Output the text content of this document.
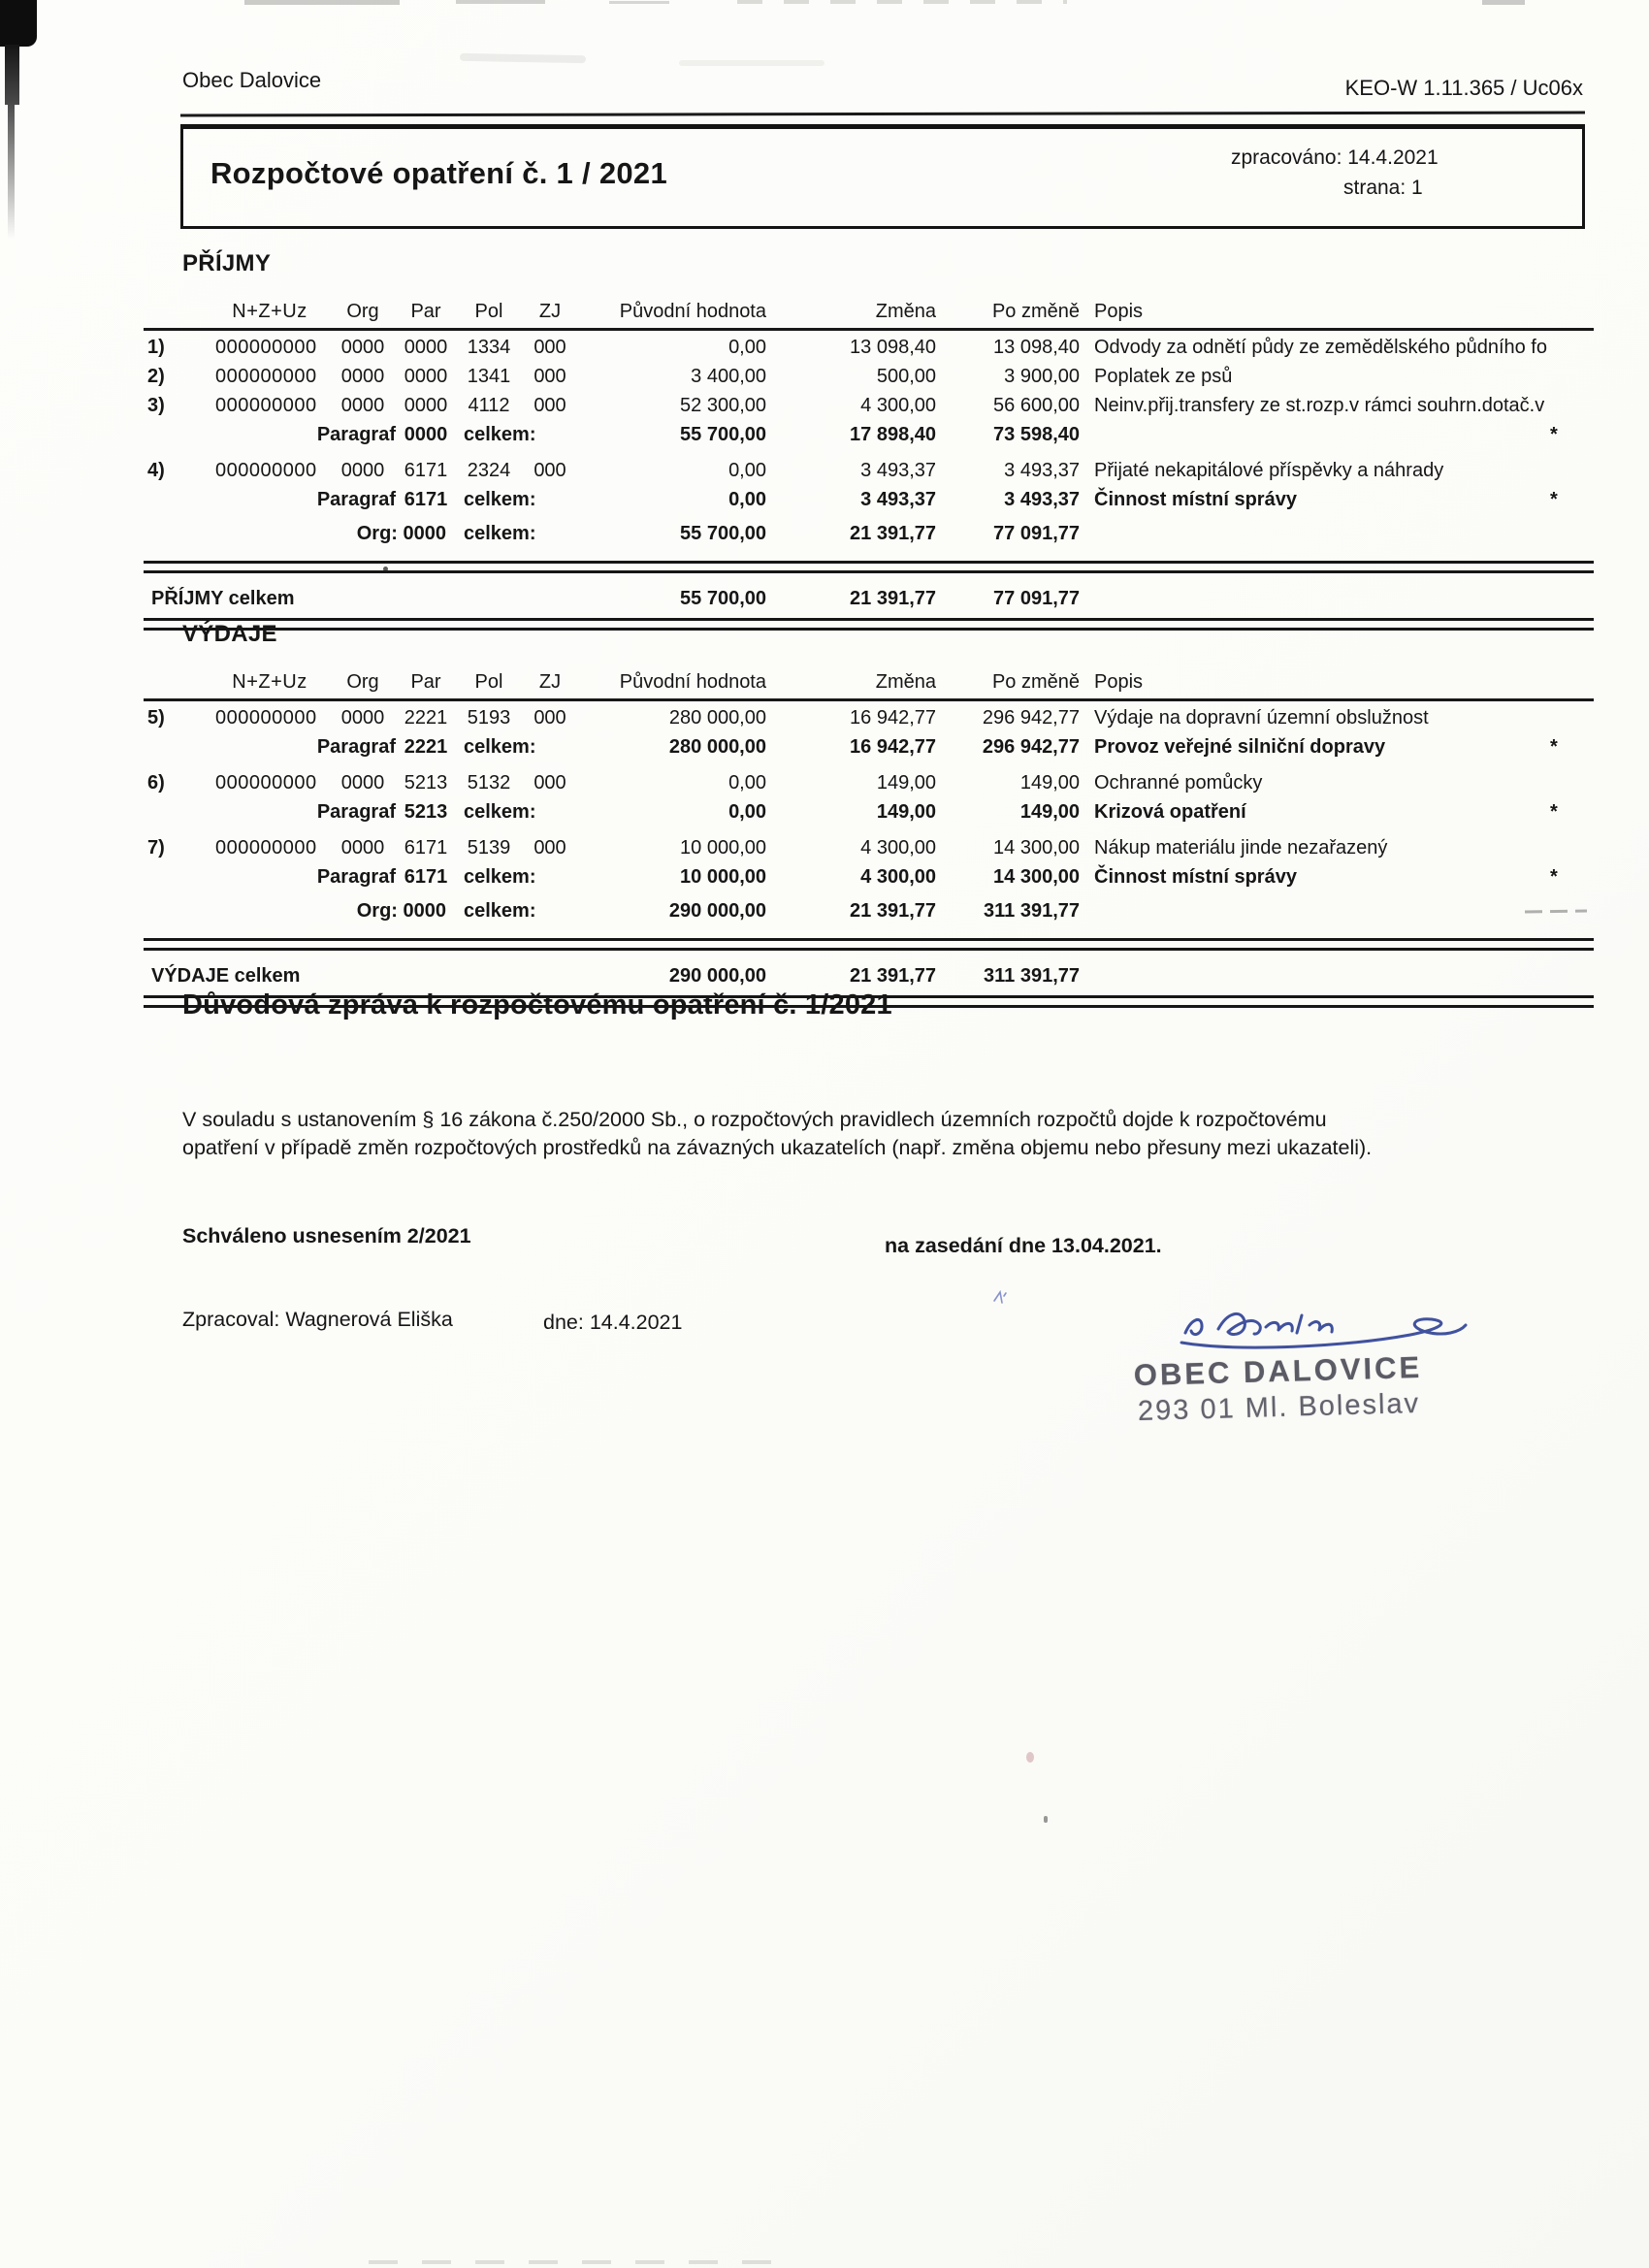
Obec Dalovice	KEO-W 1.11.365 / Uc06x
Rozpočtové opatření č. 1 / 2021	zpracováno: 14.4.2021
strana: 1
PŘÍJMY
N+Z+Uz	Org	Par	Pol	ZJ	Původní hodnota	Změna	Po změně Popis
1)	000000000	0000 0000 1334	000	0,00	13 098,40	13 098,40 Odvody za odnětí půdy ze zemědělského půdního fo
2)	000000000	0000 0000 1341	000	3 400,00	500,00	3 900,00 Poplatek ze psů
3)	000000000	0000 0000 4112	000	52 300,00	4 300,00	56 600,00 Neinv.přij.transfery ze st.rozp.v rámci souhrn.dotač.v
Paragraf 0000 celkem:	55 700,00	17 898,40	73 598,40	*
4)	000000000	0000 6171 2324	000	0,00	3 493,37	3 493,37 Přijaté nekapitálové příspěvky a náhrady
Paragraf 6171 celkem:	0,00	3 493,37	3 493,37 Činnost místní správy	*
Org: 0000 celkem:	55 700,00	21 391,77	77 091,77
PŘÍJMY celkem	55 700,00	21 391,77	77 091,77
VÝDAJE
N+Z+Uz	Org	Par	Pol	ZJ	Původní hodnota	Změna	Po změně Popis
5)	000000000	0000 2221 5193	000	280 000,00	16 942,77	296 942,77 Výdaje na dopravní územní obslužnost
Paragraf 2221 celkem:	280 000,00	16 942,77	296 942,77 Provoz veřejné silniční dopravy	*
6)	000000000	0000 5213 5132	000	0,00	149,00	149,00 Ochranné pomůcky
Paragraf 5213 celkem:	0,00	149,00	149,00 Krizová opatření	*
7)	000000000	0000 6171 5139	000	10 000,00	4 300,00	14 300,00 Nákup materiálu jinde nezařazený
Paragraf 6171 celkem:	10 000,00	4 300,00	14 300,00 Činnost místní správy	*
Org: 0000 celkem:	290 000,00	21 391,77	311 391,77
VÝDAJE celkem	290 000,00	21 391,77	311 391,77
Důvodová zpráva k rozpočtovému opatření č. 1/2021
V souladu s ustanovením § 16 zákona č.250/2000 Sb., o rozpočtových pravidlech územních rozpočtů dojde k rozpočtovému opatření v případě změn rozpočtových prostředků na závazných ukazatelích (např. změna objemu nebo přesuny mezi ukazateli).
Schváleno usnesením 2/2021	na zasedání dne 13.04.2021.
Zpracoval: Wagnerová Eliška	dne: 14.4.2021
OBEC DALOVICE
293 01 Ml. Boleslav
